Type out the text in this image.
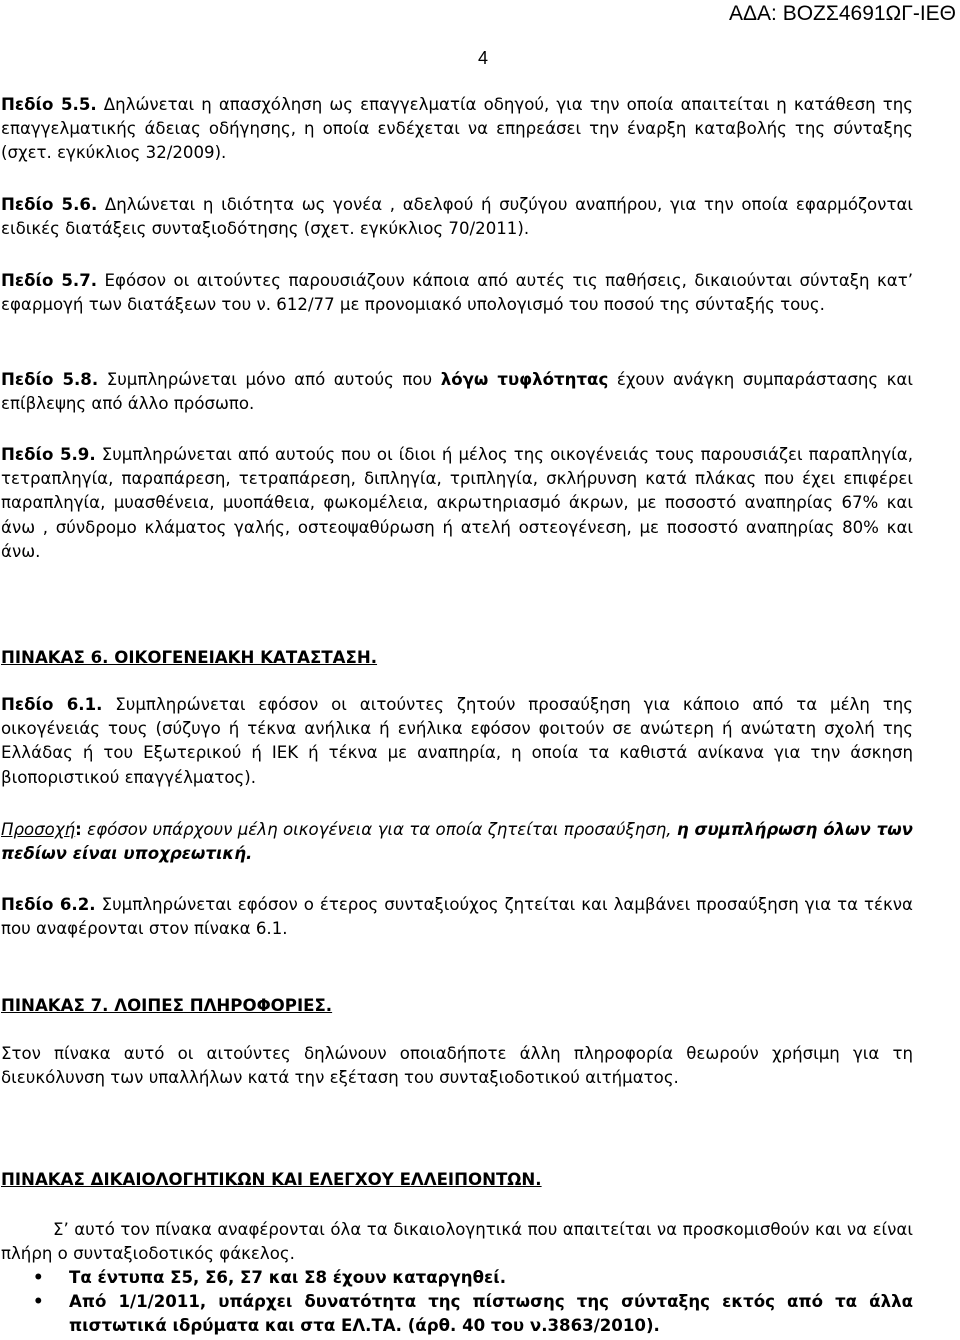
ΑΔΑ: ΒΟΖΣ4691ΩΓ-ΙΕΘ
4
Πεδίο 5.5. Δηλώνεται η απασχόληση ως επαγγελματία οδηγού, για την οποία απαιτείται η κατάθεση της επαγγελματικής άδειας οδήγησης, η οποία ενδέχεται να επηρεάσει την έναρξη καταβολής της σύνταξης (σχετ. εγκύκλιος 32/2009).
Πεδίο 5.6. Δηλώνεται η ιδιότητα ως γονέα , αδελφού ή συζύγου αναπήρου, για την οποία εφαρμόζονται ειδικές διατάξεις συνταξιοδότησης (σχετ. εγκύκλιος 70/2011).
Πεδίο 5.7. Εφόσον οι αιτούντες παρουσιάζουν κάποια από αυτές τις παθήσεις, δικαιούνται σύνταξη κατ’ εφαρμογή των διατάξεων του ν. 612/77 με προνομιακό υπολογισμό του ποσού της σύνταξής τους.
Πεδίο 5.8. Συμπληρώνεται μόνο από αυτούς που λόγω τυφλότητας έχουν ανάγκη συμπαράστασης και επίβλεψης από άλλο πρόσωπο.
Πεδίο 5.9. Συμπληρώνεται από αυτούς που οι ίδιοι ή μέλος της οικογένειάς τους παρουσιάζει παραπληγία, τετραπληγία, παραπάρεση, τετραπάρεση, διπληγία, τριπληγία, σκλήρυνση κατά πλάκας που έχει επιφέρει παραπληγία, μυασθένεια, μυοπάθεια, φωκομέλεια, ακρωτηριασμό άκρων, με ποσοστό αναπηρίας 67% και άνω , σύνδρομο κλάματος γαλής, οστεοψαθύρωση ή ατελή οστεογένεση, με ποσοστό αναπηρίας 80% και άνω.
ΠΙΝΑΚΑΣ 6. ΟΙΚΟΓΕΝΕΙΑΚΗ ΚΑΤΑΣΤΑΣΗ.
Πεδίο 6.1. Συμπληρώνεται εφόσον οι αιτούντες ζητούν προσαύξηση για κάποιο από τα μέλη της οικογένειάς τους (σύζυγο ή τέκνα ανήλικα ή ενήλικα εφόσον φοιτούν σε ανώτερη ή ανώτατη σχολή της Ελλάδας ή του Εξωτερικού ή ΙΕΚ ή τέκνα με αναπηρία, η οποία τα καθιστά ανίκανα για την άσκηση βιοποριστικού επαγγέλματος).
Προσοχή: εφόσον υπάρχουν μέλη οικογένεια για τα οποία ζητείται προσαύξηση, η συμπλήρωση όλων των πεδίων είναι υποχρεωτική.
Πεδίο 6.2. Συμπληρώνεται εφόσον ο έτερος συνταξιούχος ζητείται και λαμβάνει προσαύξηση για τα τέκνα που αναφέρονται στον πίνακα 6.1.
ΠΙΝΑΚΑΣ 7. ΛΟΙΠΕΣ ΠΛΗΡΟΦΟΡΙΕΣ.
Στον πίνακα αυτό οι αιτούντες δηλώνουν οποιαδήποτε άλλη πληροφορία θεωρούν χρήσιμη για τη διευκόλυνση των υπαλλήλων κατά την εξέταση του συνταξιοδοτικού αιτήματος.
ΠΙΝΑΚΑΣ ΔΙΚΑΙΟΛΟΓΗΤΙΚΩΝ ΚΑΙ ΕΛΕΓΧΟΥ ΕΛΛΕΙΠΟΝΤΩΝ.
Σ’ αυτό τον πίνακα αναφέρονται όλα τα δικαιολογητικά που απαιτείται να προσκομισθούν και να είναι πλήρη ο συνταξιοδοτικός φάκελος.
• Τα έντυπα Σ5, Σ6, Σ7 και Σ8 έχουν καταργηθεί.
• Από 1/1/2011, υπάρχει δυνατότητα της πίστωσης της σύνταξης εκτός από τα άλλα πιστωτικά ιδρύματα και στα ΕΛ.ΤΑ. (άρθ. 40 του ν.3863/2010).
